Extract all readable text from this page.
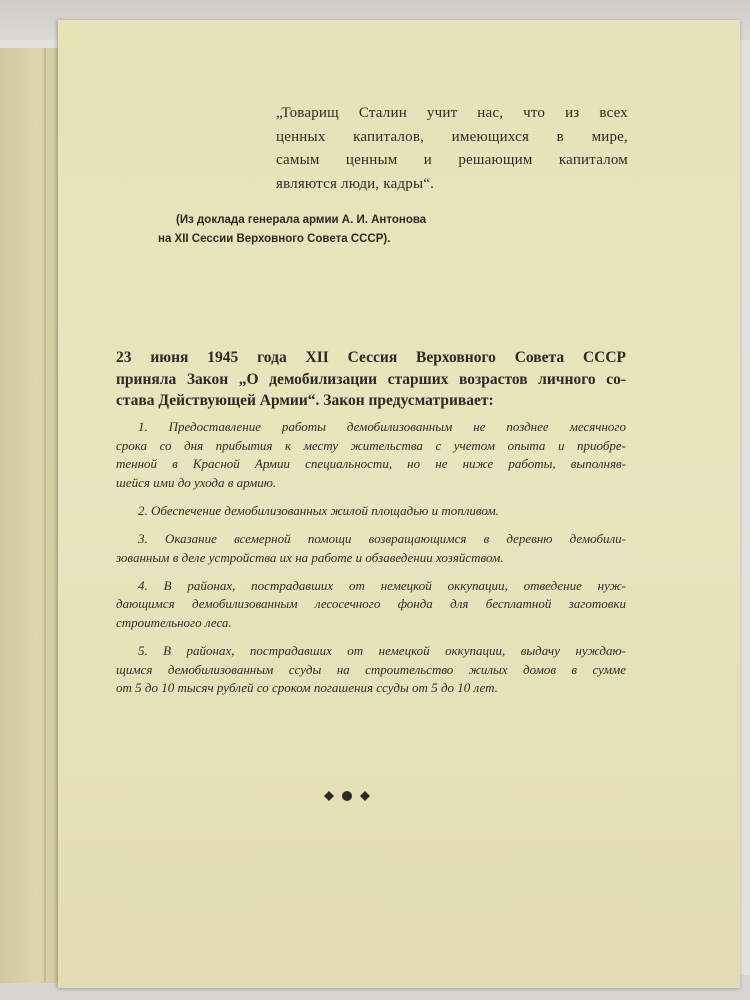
„Товарищ Сталин учит нас, что из всех
ценных капиталов, имеющихся в мире,
самым ценным и решающим капиталом
являются люди, кадры“.
(Из доклада генерала армии А. И. Антонова
на XII Сессии Верховного Совета СССР).
23 июня 1945 года XII Сессия Верховного Совета СССР
приняла Закон „О демобилизации старших возрастов личного со-
става Действующей Армии“. Закон предусматривает:
1. Предоставление работы демобилизованным не позднее месячного
срока со дня прибытия к месту жительства с учетом опыта и приобре-
тенной в Красной Армии специальности, но не ниже работы, выполняв-
шейся ими до ухода в армию.
2. Обеспечение демобилизованных жилой площадью и топливом.
3. Оказание всемерной помощи возвращающимся в деревню демобили-
зованным в деле устройства их на работе и обзаведении хозяйством.
4. В районах, пострадавших от немецкой оккупации, отведение нуж-
дающимся демобилизованным лесосечного фонда для бесплатной заготовки
строительного леса.
5. В районах, пострадавших от немецкой оккупации, выдачу нуждаю-
щимся демобилизованным ссуды на строительство жилых домов в сумме
от 5 до 10 тысяч рублей со сроком погашения ссуды от 5 до 10 лет.
